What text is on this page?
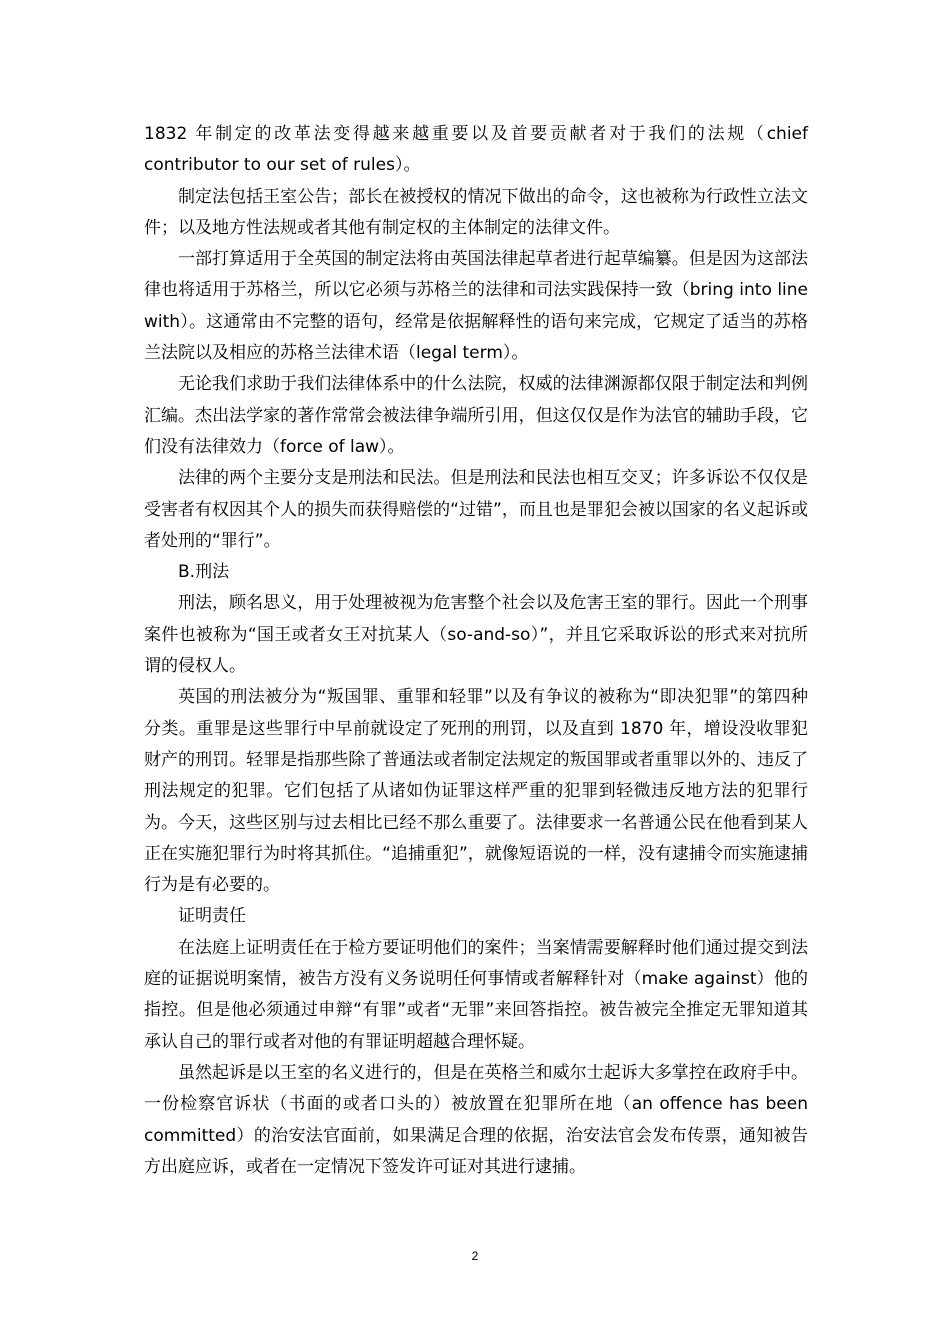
1832 年制定的改革法变得越来越重要以及首要贡献者对于我们的法规（chief contributor to our set of rules）。

制定法包括王室公告；部长在被授权的情况下做出的命令，这也被称为行政性立法文件；以及地方性法规或者其他有制定权的主体制定的法律文件。

一部打算适用于全英国的制定法将由英国法律起草者进行起草编纂。但是因为这部法律也将适用于苏格兰，所以它必须与苏格兰的法律和司法实践保持一致（bring into line with）。这通常由不完整的语句，经常是依据解释性的语句来完成，它规定了适当的苏格兰法院以及相应的苏格兰法律术语（legal term）。

无论我们求助于我们法律体系中的什么法院，权威的法律渊源都仅限于制定法和判例汇编。杰出法学家的著作常常会被法律争端所引用，但这仅仅是作为法官的辅助手段，它们没有法律效力（force of law）。

法律的两个主要分支是刑法和民法。但是刑法和民法也相互交叉；许多诉讼不仅仅是受害者有权因其个人的损失而获得赔偿的“过错”，而且也是罪犯会被以国家的名义起诉或者处刑的“罪行”。

B.刑法

刑法，顾名思义，用于处理被视为危害整个社会以及危害王室的罪行。因此一个刑事案件也被称为“国王或者女王对抗某人（so-and-so）”，并且它采取诉讼的形式来对抗所谓的侵权人。

英国的刑法被分为“叛国罪、重罪和轻罪”以及有争议的被称为“即决犯罪”的第四种分类。重罪是这些罪行中早前就设定了死刑的刑罚，以及直到 1870 年，增设没收罪犯财产的刑罚。轻罪是指那些除了普通法或者制定法规定的叛国罪或者重罪以外的、违反了刑法规定的犯罪。它们包括了从诸如伪证罪这样严重的犯罪到轻微违反地方法的犯罪行为。今天，这些区别与过去相比已经不那么重要了。法律要求一名普通公民在他看到某人正在实施犯罪行为时将其抓住。“追捕重犯”，就像短语说的一样，没有逮捕令而实施逮捕行为是有必要的。

证明责任

在法庭上证明责任在于检方要证明他们的案件；当案情需要解释时他们通过提交到法庭的证据说明案情，被告方没有义务说明任何事情或者解释针对（make against）他的指控。但是他必须通过申辩“有罪”或者“无罪”来回答指控。被告被完全推定无罪知道其承认自己的罪行或者对他的有罪证明超越合理怀疑。

虽然起诉是以王室的名义进行的，但是在英格兰和威尔士起诉大多掌控在政府手中。一份检察官诉状（书面的或者口头的）被放置在犯罪所在地（an offence has been committed）的治安法官面前，如果满足合理的依据，治安法官会发布传票，通知被告方出庭应诉，或者在一定情况下签发许可证对其进行逮捕。

2
